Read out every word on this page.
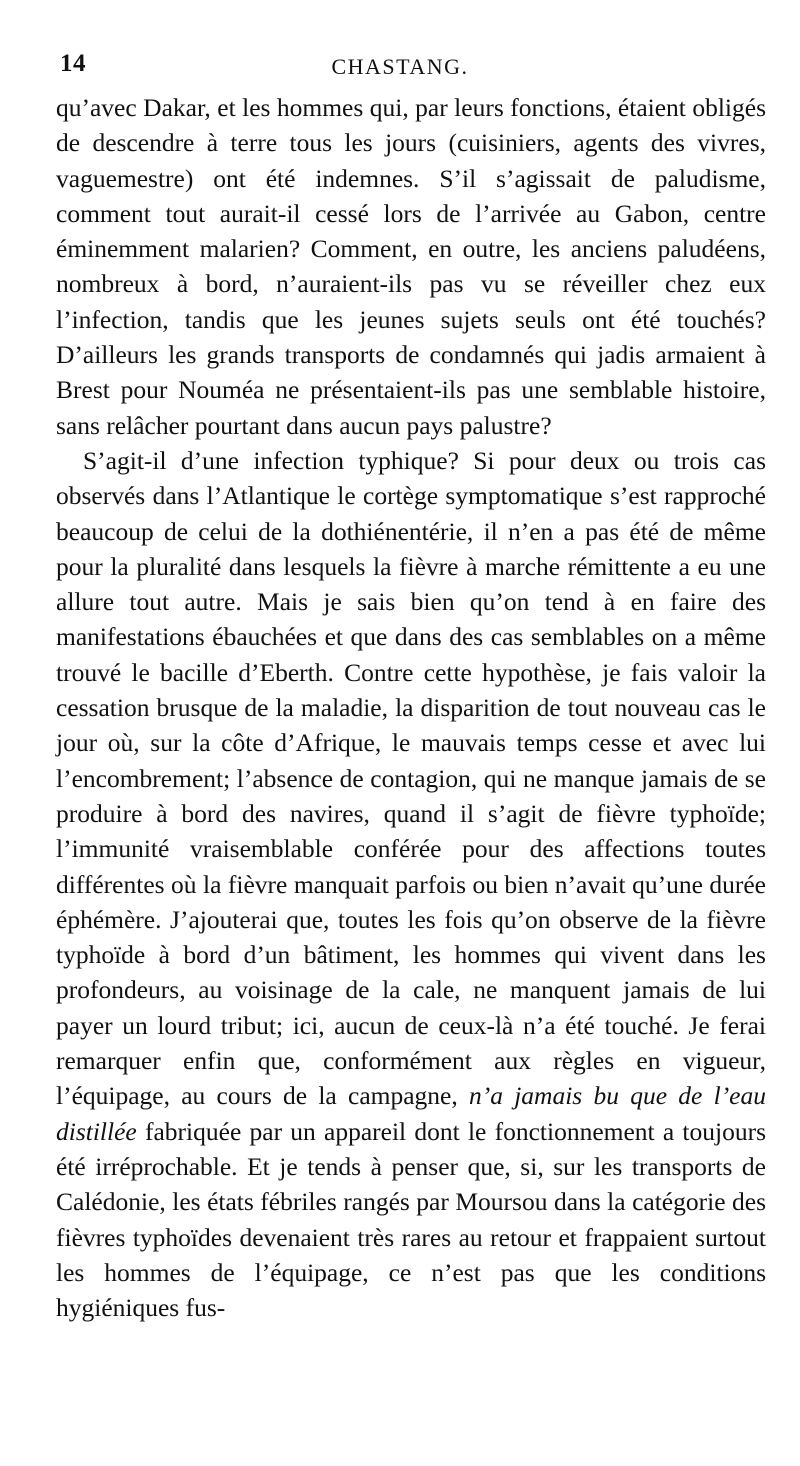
14	CHASTANG.

qu’avec Dakar, et les hommes qui, par leurs fonctions, étaient obligés de descendre à terre tous les jours (cuisiniers, agents des vivres, vaguemestre) ont été indemnes. S’il s’agissait de paludisme, comment tout aurait-il cessé lors de l’arrivée au Gabon, centre éminemment malarien? Comment, en outre, les anciens paludéens, nombreux à bord, n’auraient-ils pas vu se réveiller chez eux l’infection, tandis que les jeunes sujets seuls ont été touchés? D’ailleurs les grands transports de condamnés qui jadis armaient à Brest pour Nouméa ne présentaient-ils pas une semblable histoire, sans relâcher pourtant dans aucun pays palustre?

S’agit-il d’une infection typhique? Si pour deux ou trois cas observés dans l’Atlantique le cortège symptomatique s’est rapproché beaucoup de celui de la dothiénentérie, il n’en a pas été de même pour la pluralité dans lesquels la fièvre à marche rémittente a eu une allure tout autre. Mais je sais bien qu’on tend à en faire des manifestations ébauchées et que dans des cas semblables on a même trouvé le bacille d’Eberth. Contre cette hypothèse, je fais valoir la cessation brusque de la maladie, la disparition de tout nouveau cas le jour où, sur la côte d’Afrique, le mauvais temps cesse et avec lui l’encombrement; l’absence de contagion, qui ne manque jamais de se produire à bord des navires, quand il s’agit de fièvre typhoïde; l’immunité vraisemblable conférée pour des affections toutes différentes où la fièvre manquait parfois ou bien n’avait qu’une durée éphémère. J’ajouterai que, toutes les fois qu’on observe de la fièvre typhoïde à bord d’un bâtiment, les hommes qui vivent dans les profondeurs, au voisinage de la cale, ne manquent jamais de lui payer un lourd tribut; ici, aucun de ceux-là n’a été touché. Je ferai remarquer enfin que, conformément aux règles en vigueur, l’équipage, au cours de la campagne, n’a jamais bu que de l’eau distillée fabriquée par un appareil dont le fonctionnement a toujours été irréprochable. Et je tends à penser que, si, sur les transports de Calédonie, les états fébriles rangés par Moursou dans la catégorie des fièvres typhoïdes devenaient très rares au retour et frappaient surtout les hommes de l’équipage, ce n’est pas que les conditions hygiéniques fus-
